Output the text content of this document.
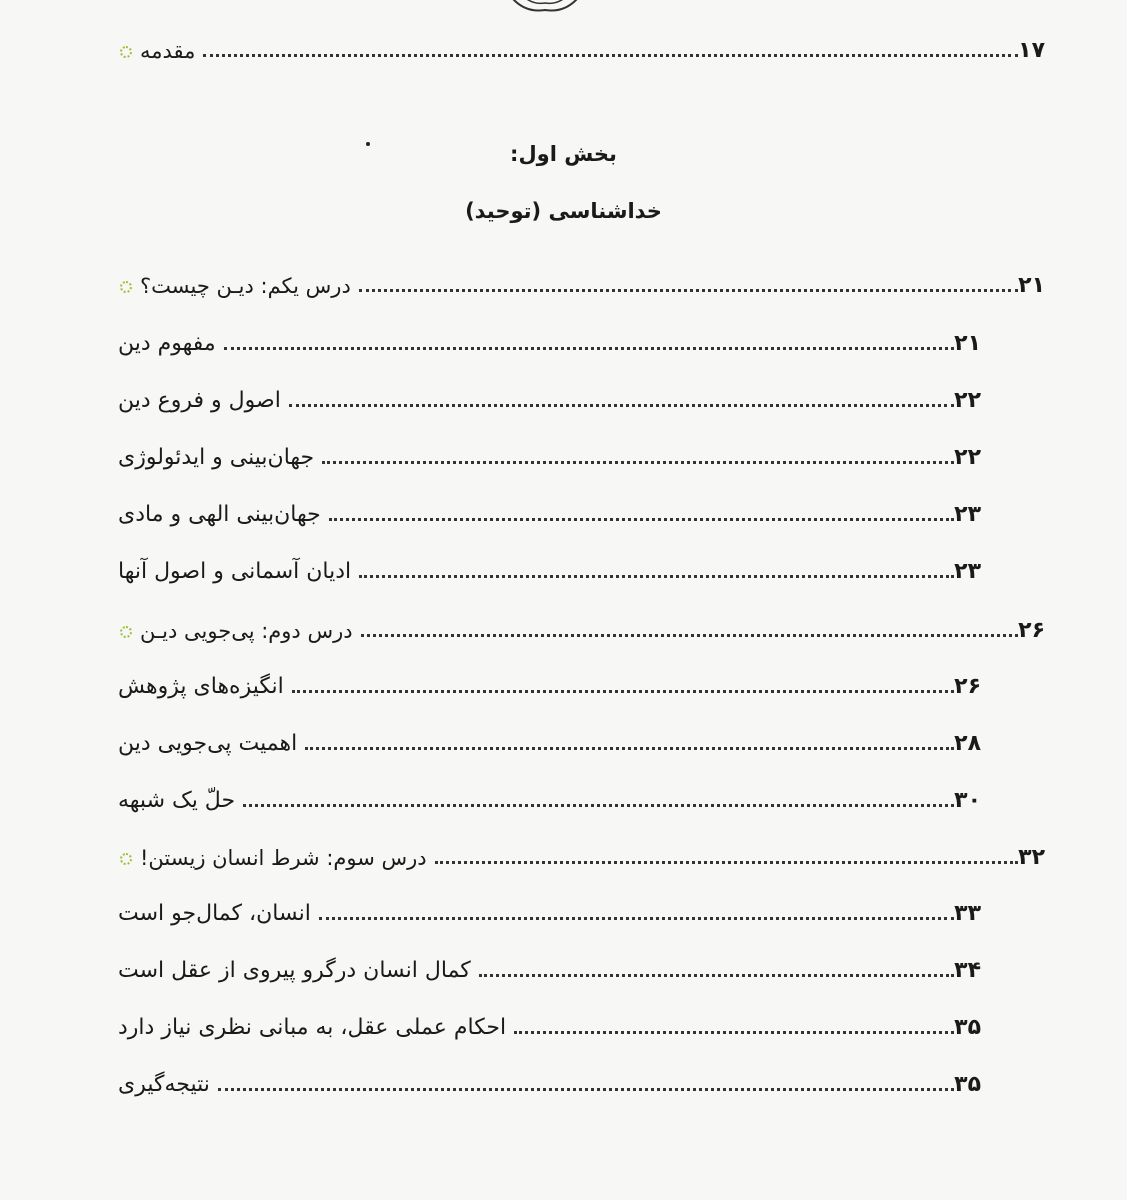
مقدمه	۱۷

بخش اول:

خداشناسی (توحید)

درس یکم: دیـن چیست؟	۲۱
مفهوم دین	۲۱
اصول و فروع دین	۲۲
جهان‌بینی و ایدئولوژی	۲۲
جهان‌بینی الهی و مادی	۲۳
ادیان آسمانی و اصول آنها	۲۳
درس دوم: پی‌جویی دیـن	۲۶
انگیزه‌های پژوهش	۲۶
اهمیت پی‌جویی دین	۲۸
حلّ یک شبهه	۳۰
درس سوم: شرط انسان زیستن!	۳۲
انسان، کمال‌جو است	۳۳
کمال انسان درگرو پیروی از عقل است	۳۴
احکام عملی عقل، به مبانی نظری نیاز دارد	۳۵
نتیجه‌گیری	۳۵
